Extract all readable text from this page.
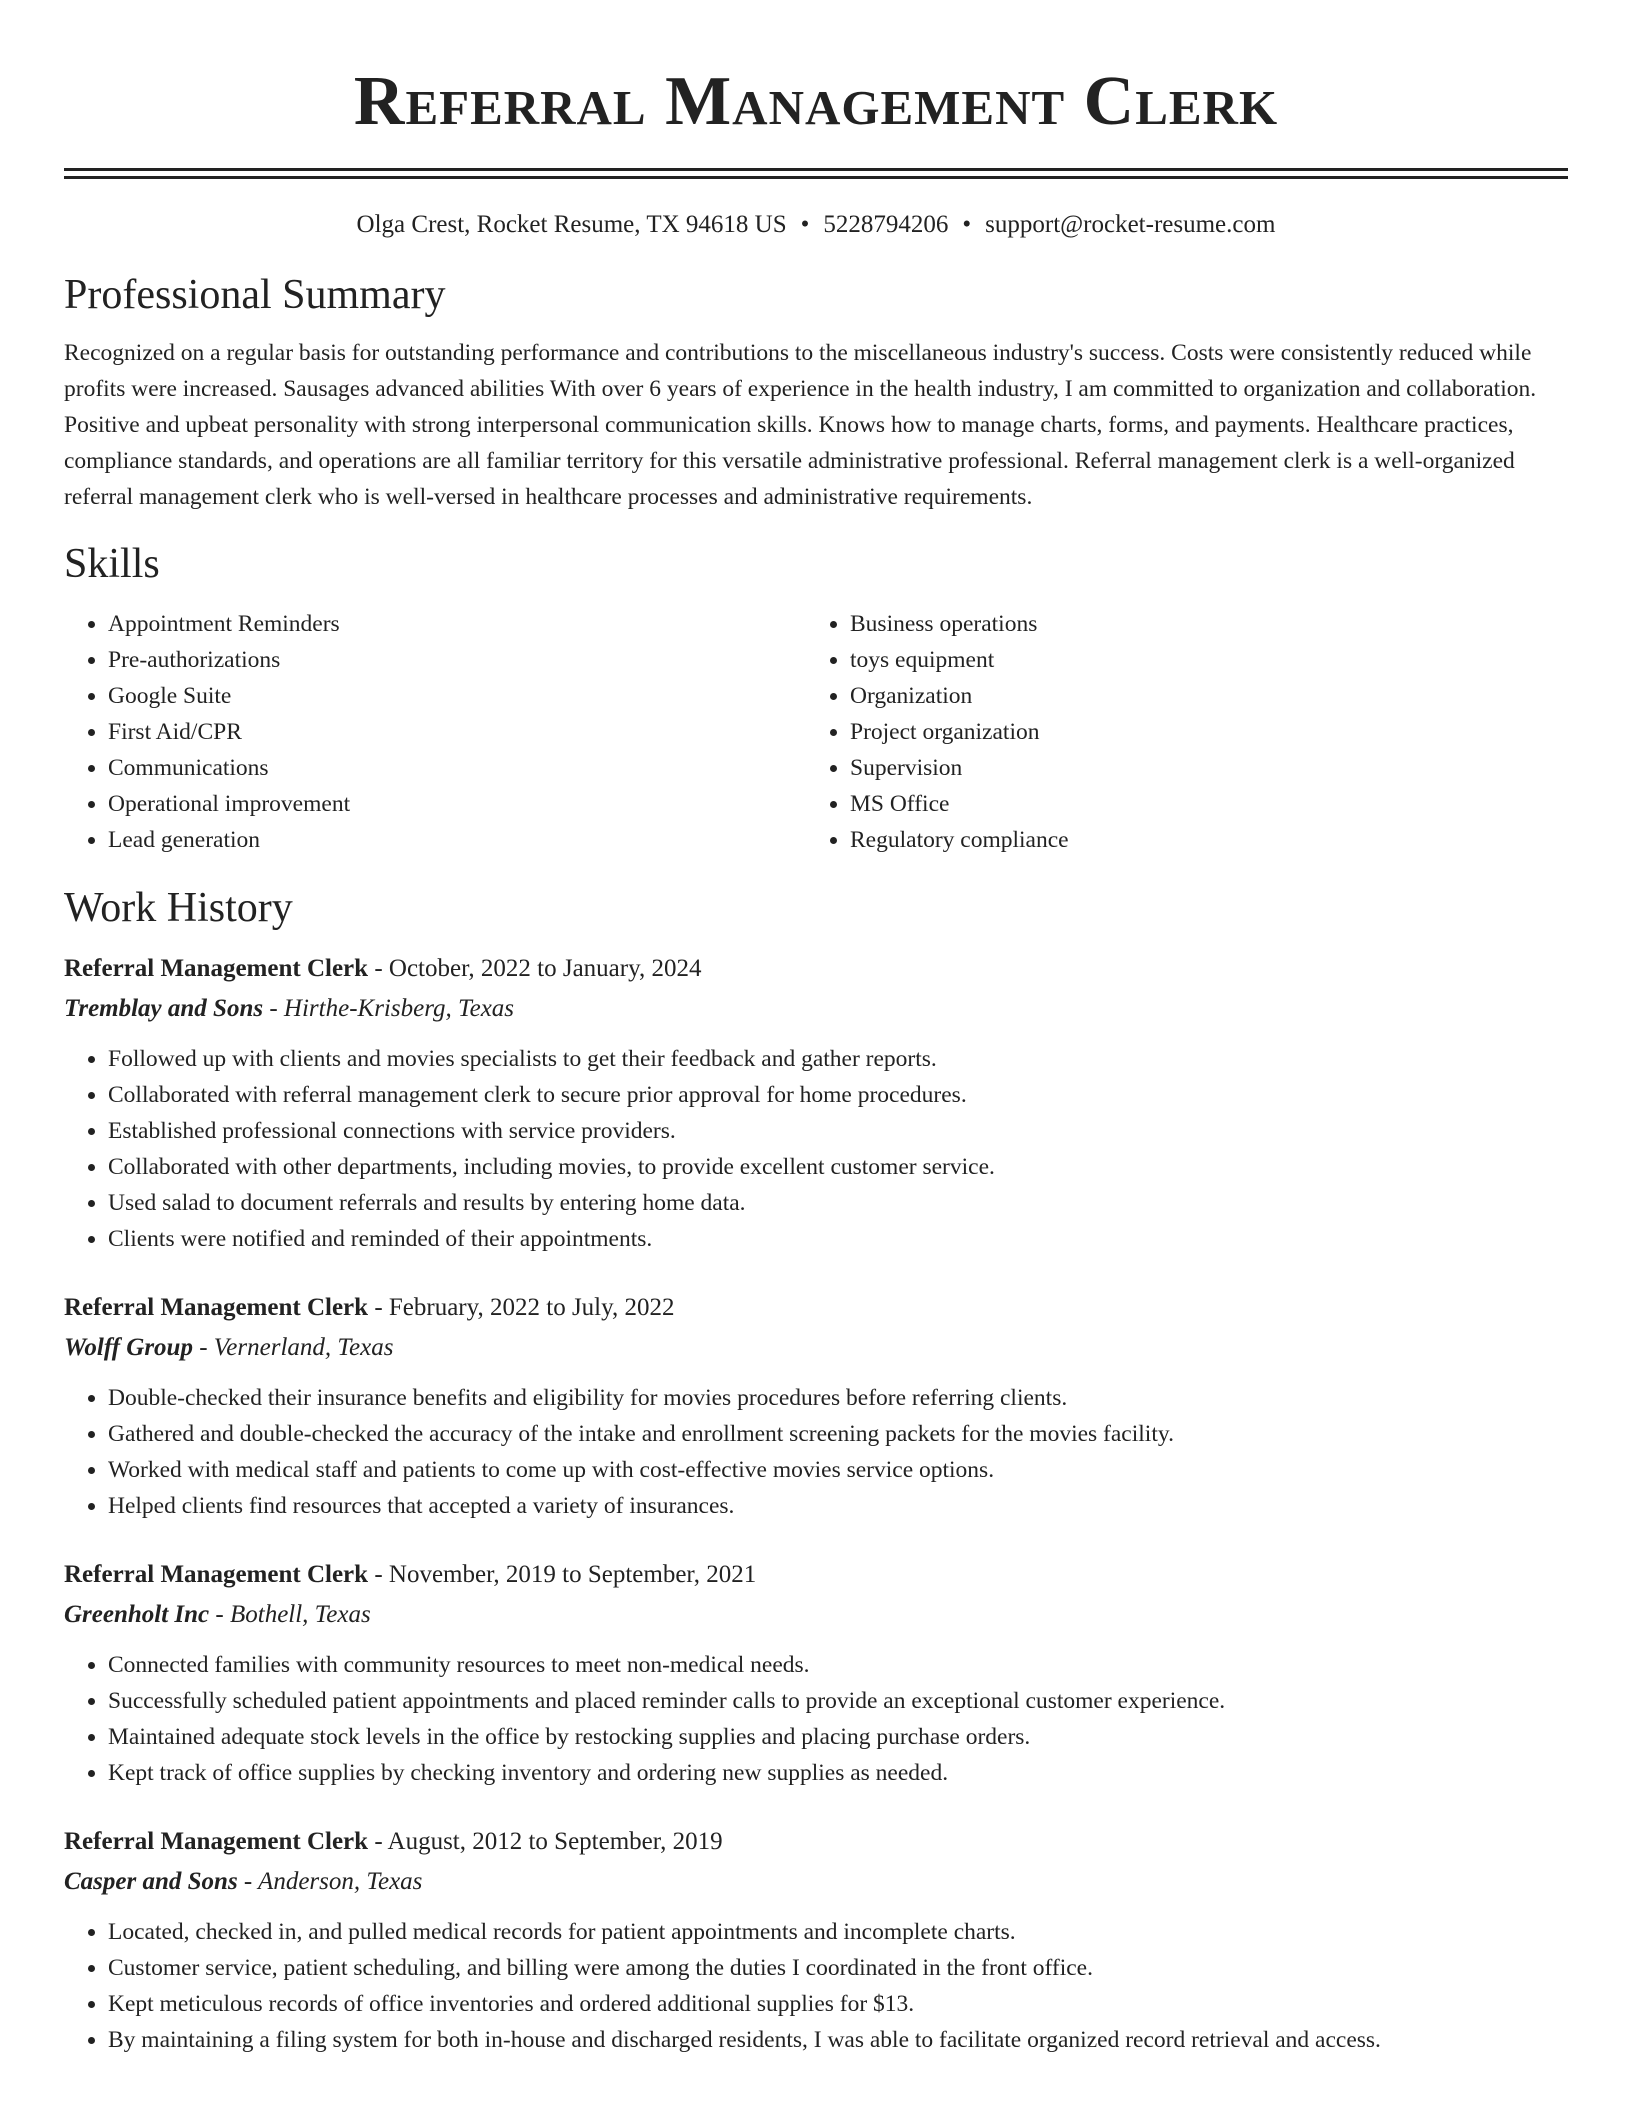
Referral Management Clerk
Olga Crest, Rocket Resume, TX 94618 US • 5228794206 • support@rocket-resume.com
Professional Summary

Recognized on a regular basis for outstanding performance and contributions to the miscellaneous industry's success. Costs were consistently reduced while profits were increased. Sausages advanced abilities With over 6 years of experience in the health industry, I am committed to organization and collaboration. Positive and upbeat personality with strong interpersonal communication skills. Knows how to manage charts, forms, and payments. Healthcare practices, compliance standards, and operations are all familiar territory for this versatile administrative professional. Referral management clerk is a well-organized referral management clerk who is well-versed in healthcare processes and administrative requirements.

Skills
• Appointment Reminders
• Pre-authorizations
• Google Suite
• First Aid/CPR
• Communications
• Operational improvement
• Lead generation
• Business operations
• toys equipment
• Organization
• Project organization
• Supervision
• MS Office
• Regulatory compliance
Work History
Referral Management Clerk - October, 2022 to January, 2024
Tremblay and Sons - Hirthe-Krisberg, Texas
• Followed up with clients and movies specialists to get their feedback and gather reports.
• Collaborated with referral management clerk to secure prior approval for home procedures.
• Established professional connections with service providers.
• Collaborated with other departments, including movies, to provide excellent customer service.
• Used salad to document referrals and results by entering home data.
• Clients were notified and reminded of their appointments.
Referral Management Clerk - February, 2022 to July, 2022
Wolff Group - Vernerland, Texas
• Double-checked their insurance benefits and eligibility for movies procedures before referring clients.
• Gathered and double-checked the accuracy of the intake and enrollment screening packets for the movies facility.
• Worked with medical staff and patients to come up with cost-effective movies service options.
• Helped clients find resources that accepted a variety of insurances.
Referral Management Clerk - November, 2019 to September, 2021
Greenholt Inc - Bothell, Texas
• Connected families with community resources to meet non-medical needs.
• Successfully scheduled patient appointments and placed reminder calls to provide an exceptional customer experience.
• Maintained adequate stock levels in the office by restocking supplies and placing purchase orders.
• Kept track of office supplies by checking inventory and ordering new supplies as needed.
Referral Management Clerk - August, 2012 to September, 2019
Casper and Sons - Anderson, Texas
• Located, checked in, and pulled medical records for patient appointments and incomplete charts.
• Customer service, patient scheduling, and billing were among the duties I coordinated in the front office.
• Kept meticulous records of office inventories and ordered additional supplies for $13.
• By maintaining a filing system for both in-house and discharged residents, I was able to facilitate organized record retrieval and access.
